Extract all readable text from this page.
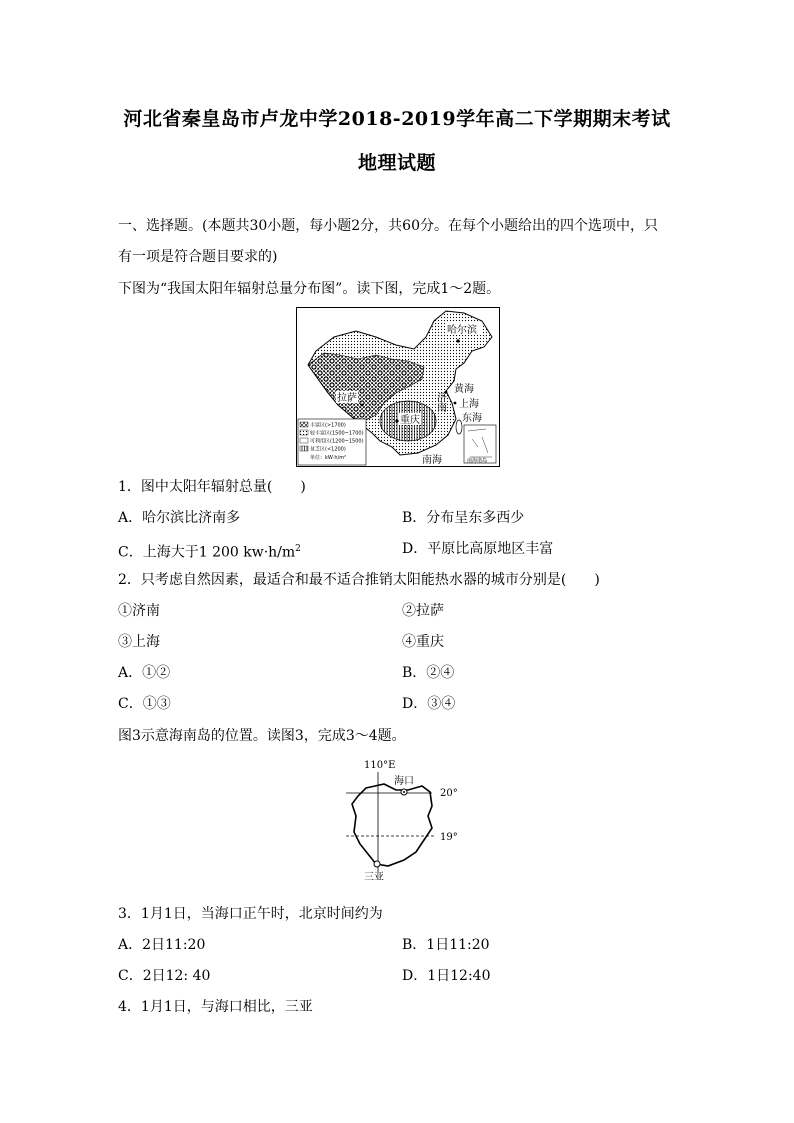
河北省秦皇岛市卢龙中学2018-2019学年高二下学期期末考试
地理试题
一、选择题。(本题共30小题，每小题2分，共60分。在每个小题给出的四个选项中，只
有一项是符合题目要求的)
下图为“我国太阳年辐射总量分布图”。读下图，完成1～2题。
南海诸岛
哈尔滨
黄海
济
南 上海
东海
拉萨
重庆
南海
丰富区(>1700)
较丰富区(1500~1700)
可利用区(1200~1500)
贫乏区(<1200)
单位：kW·h/m²
1．图中太阳年辐射总量(　　)
A．哈尔滨比济南多	B．分布呈东多西少
C．上海大于1 200 $kw\cdot h/m^2$	D．平原比高原地区丰富
2．只考虑自然因素，最适合和最不适合推销太阳能热水器的城市分别是(　　)
①济南	②拉萨
③上海	④重庆
A．①②	B．②④
C．①③	D．③④
图3示意海南岛的位置。读图3，完成3～4题。
110°E
海口
20°
19°
三亚
3．1月1日，当海口正午时，北京时间约为
A．2日11:20	B．1日11:20
C．2日12: 40	D．1日12:40
4．1月1日，与海口相比，三亚
